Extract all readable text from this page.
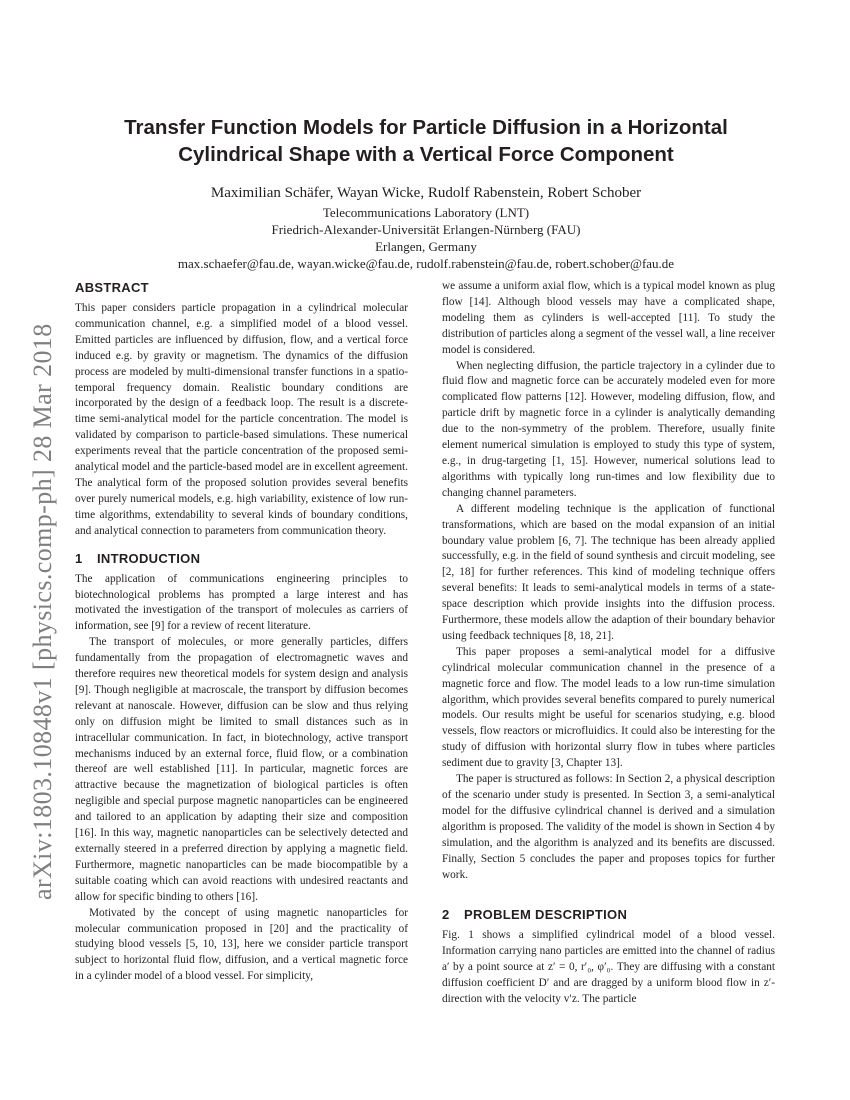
arXiv:1803.10848v1 [physics.comp-ph] 28 Mar 2018
Transfer Function Models for Particle Diffusion in a Horizontal
Cylindrical Shape with a Vertical Force Component
Maximilian Schäfer, Wayan Wicke, Rudolf Rabenstein, Robert Schober
Telecommunications Laboratory (LNT)
Friedrich-Alexander-Universität Erlangen-Nürnberg (FAU)
Erlangen, Germany
max.schaefer@fau.de, wayan.wicke@fau.de, rudolf.rabenstein@fau.de, robert.schober@fau.de
ABSTRACT

This paper considers particle propagation in a cylindrical molecular communication channel, e.g. a simplified model of a blood vessel. Emitted particles are influenced by diffusion, flow, and a vertical force induced e.g. by gravity or magnetism. The dynamics of the diffusion process are modeled by multi-dimensional transfer functions in a spatio-temporal frequency domain. Realistic boundary conditions are incorporated by the design of a feedback loop. The result is a discrete-time semi-analytical model for the particle concentration. The model is validated by comparison to particle-based simulations. These numerical experiments reveal that the particle concentration of the proposed semi-analytical model and the particle-based model are in excellent agreement. The analytical form of the proposed solution provides several benefits over purely numerical models, e.g. high variability, existence of low run-time algorithms, extendability to several kinds of boundary conditions, and analytical connection to parameters from communication theory.

1 INTRODUCTION

The application of communications engineering principles to biotechnological problems has prompted a large interest and has motivated the investigation of the transport of molecules as carriers of information, see [9] for a review of recent literature.

The transport of molecules, or more generally particles, differs fundamentally from the propagation of electromagnetic waves and therefore requires new theoretical models for system design and analysis [9]. Though negligible at macroscale, the transport by diffusion becomes relevant at nanoscale. However, diffusion can be slow and thus relying only on diffusion might be limited to small distances such as in intracellular communication. In fact, in biotechnology, active transport mechanisms induced by an external force, fluid flow, or a combination thereof are well established [11]. In particular, magnetic forces are attractive because the magnetization of biological particles is often negligible and special purpose magnetic nanoparticles can be engineered and tailored to an application by adapting their size and composition [16]. In this way, magnetic nanoparticles can be selectively detected and externally steered in a preferred direction by applying a magnetic field. Furthermore, magnetic nanoparticles can be made biocompatible by a suitable coating which can avoid reactions with undesired reactants and allow for specific binding to others [16].

Motivated by the concept of using magnetic nanoparticles for molecular communication proposed in [20] and the practicality of studying blood vessels [5, 10, 13], here we consider particle transport subject to horizontal fluid flow, diffusion, and a vertical magnetic force in a cylinder model of a blood vessel. For simplicity,

we assume a uniform axial flow, which is a typical model known as plug flow [14]. Although blood vessels may have a complicated shape, modeling them as cylinders is well-accepted [11]. To study the distribution of particles along a segment of the vessel wall, a line receiver model is considered.

When neglecting diffusion, the particle trajectory in a cylinder due to fluid flow and magnetic force can be accurately modeled even for more complicated flow patterns [12]. However, modeling diffusion, flow, and particle drift by magnetic force in a cylinder is analytically demanding due to the non-symmetry of the problem. Therefore, usually finite element numerical simulation is employed to study this type of system, e.g., in drug-targeting [1, 15]. However, numerical solutions lead to algorithms with typically long run-times and low flexibility due to changing channel parameters.

A different modeling technique is the application of functional transformations, which are based on the modal expansion of an initial boundary value problem [6, 7]. The technique has been already applied successfully, e.g. in the field of sound synthesis and circuit modeling, see [2, 18] for further references. This kind of modeling technique offers several benefits: It leads to semi-analytical models in terms of a state-space description which provide insights into the diffusion process. Furthermore, these models allow the adaption of their boundary behavior using feedback techniques [8, 18, 21].

This paper proposes a semi-analytical model for a diffusive cylindrical molecular communication channel in the presence of a magnetic force and flow. The model leads to a low run-time simulation algorithm, which provides several benefits compared to purely numerical models. Our results might be useful for scenarios studying, e.g. blood vessels, flow reactors or microfluidics. It could also be interesting for the study of diffusion with horizontal slurry flow in tubes where particles sediment due to gravity [3, Chapter 13].

The paper is structured as follows: In Section 2, a physical description of the scenario under study is presented. In Section 3, a semi-analytical model for the diffusive cylindrical channel is derived and a simulation algorithm is proposed. The validity of the model is shown in Section 4 by simulation, and the algorithm is analyzed and its benefits are discussed. Finally, Section 5 concludes the paper and proposes topics for further work.

2 PROBLEM DESCRIPTION

Fig. 1 shows a simplified cylindrical model of a blood vessel. Information carrying nano particles are emitted into the channel of radius a′ by a point source at z′ = 0, r′₀, φ′₀. They are diffusing with a constant diffusion coefficient D′ and are dragged by a uniform blood flow in z′-direction with the velocity v′z. The particle
